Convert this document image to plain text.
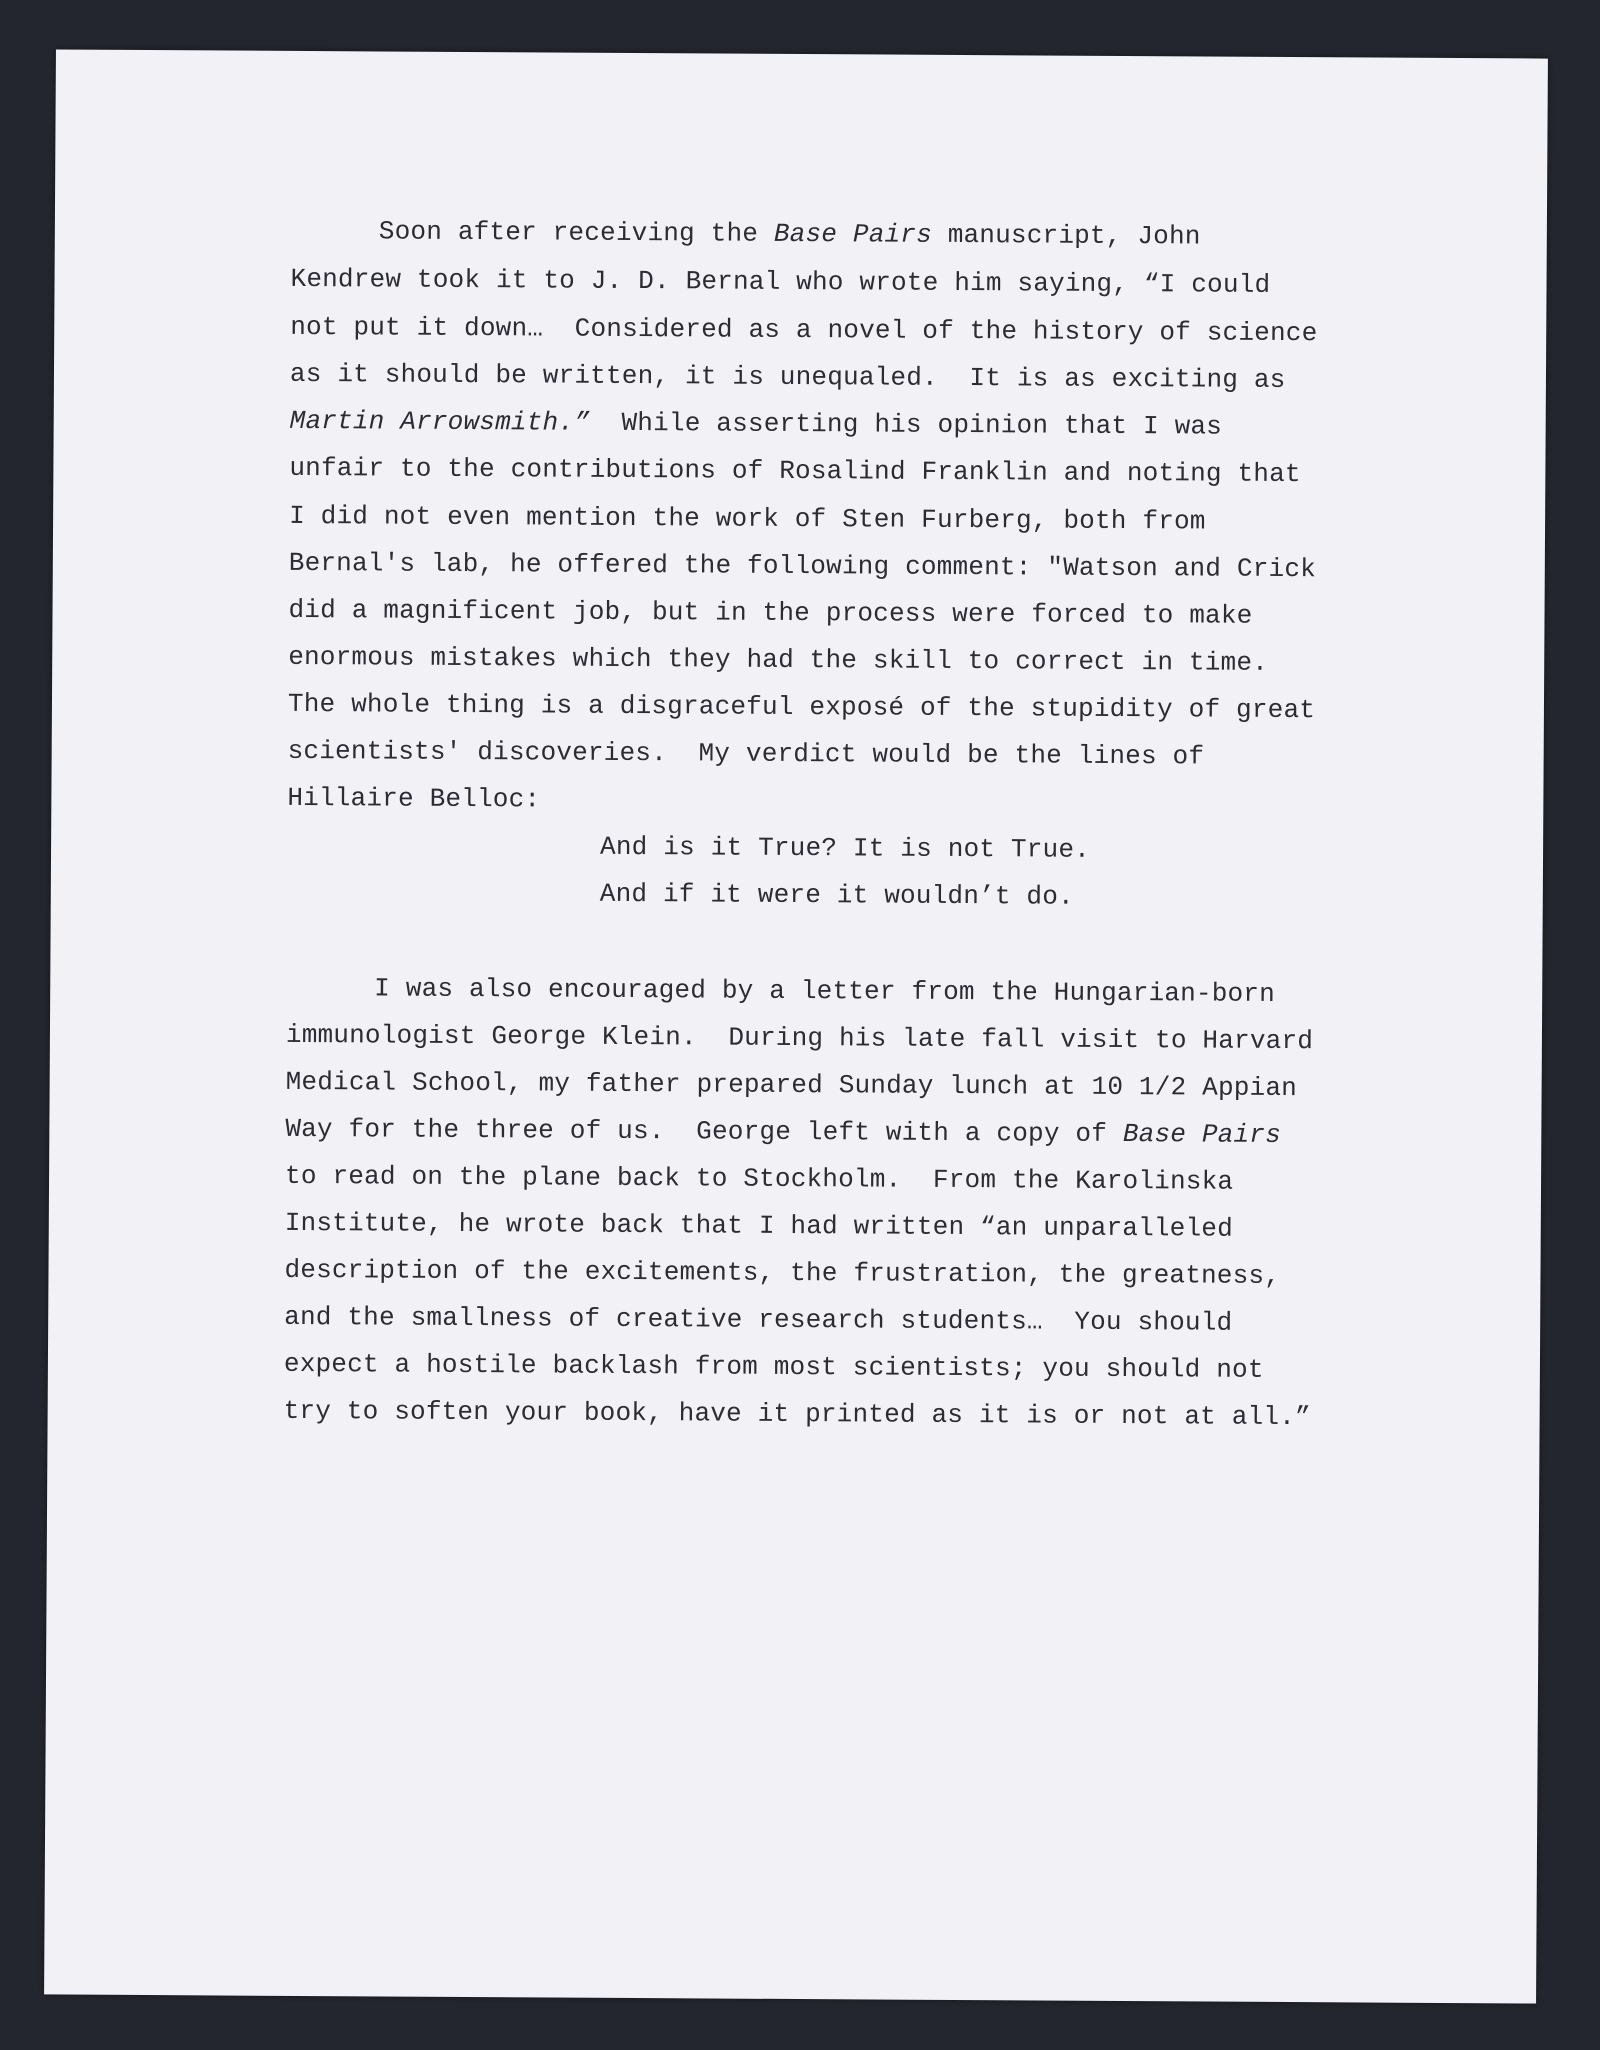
Soon after receiving the Base Pairs manuscript, John
Kendrew took it to J. D. Bernal who wrote him saying, “I could
not put it down…  Considered as a novel of the history of science
as it should be written, it is unequaled.  It is as exciting as
Martin Arrowsmith.”  While asserting his opinion that I was
unfair to the contributions of Rosalind Franklin and noting that
I did not even mention the work of Sten Furberg, both from
Bernal's lab, he offered the following comment: "Watson and Crick
did a magnificent job, but in the process were forced to make
enormous mistakes which they had the skill to correct in time.
The whole thing is a disgraceful exposé of the stupidity of great
scientists' discoveries.  My verdict would be the lines of
Hillaire Belloc:
And is it True? It is not True.
And if it were it wouldn’t do.
I was also encouraged by a letter from the Hungarian-born
immunologist George Klein.  During his late fall visit to Harvard
Medical School, my father prepared Sunday lunch at 10 1/2 Appian
Way for the three of us.  George left with a copy of Base Pairs
to read on the plane back to Stockholm.  From the Karolinska
Institute, he wrote back that I had written “an unparalleled
description of the excitements, the frustration, the greatness,
and the smallness of creative research students…  You should
expect a hostile backlash from most scientists; you should not
try to soften your book, have it printed as it is or not at all.”
